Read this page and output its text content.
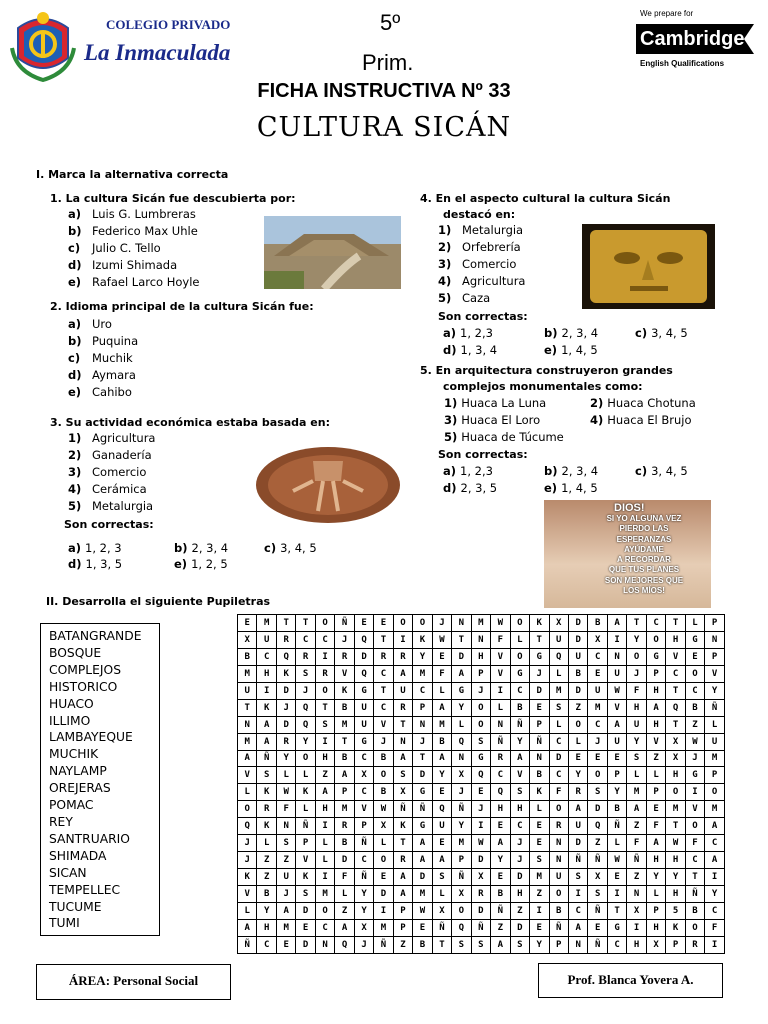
COLEGIO PRIVADO
La Inmaculada
5º
Prim.
We prepare for
Cambridge
English Qualifications
FICHA INSTRUCTIVA Nº 33
CULTURA SICÁN
I. Marca la alternativa correcta
1. La cultura Sicán fue descubierta por:
a) Luis G. Lumbreras
b) Federico Max Uhle
c) Julio C. Tello
d) Izumi Shimada
e) Rafael Larco Hoyle
2. Idioma principal de la cultura Sicán fue:
a) Uro
b) Puquina
c) Muchik
d) Aymara
e) Cahibo
3. Su actividad económica estaba basada en:
1) Agricultura
2) Ganadería
3) Comercio
4) Cerámica
5) Metalurgia
Son correctas:
4. En el aspecto cultural la cultura Sicán
destacó en:
1) Metalurgia
2) Orfebrería
3) Comercio
4) Agricultura
5) Caza
Son correctas:
5. En arquitectura construyeron grandes
complejos monumentales como:
1) Huaca La Luna	2) Huaca Chotuna
3) Huaca El Loro	4) Huaca El Brujo
5) Huaca de Túcume
Son correctas:
DIOS!
SI YO ALGUNA VEZ
PIERDO LAS
ESPERANZAS
AYÚDAME
A RECORDAR
QUE TUS PLANES
SON MEJORES QUE
LOS MÍOS!
II. Desarrolla el siguiente Pupiletras
BATANGRANDE
BOSQUE
COMPLEJOS
HISTORICO
HUACO
ILLIMO
LAMBAYEQUE
MUCHIK
NAYLAMP
OREJERAS
POMAC
REY
SANTRUARIO
SHIMADA
SICAN
TEMPELLEC
TUCUME
TUMI
E	M	T	T	O	Ñ	E	E	O	O	J	N	M	W	O	K	X	D	B	A	T	C	T	L	P
X	U	R	C	C	J	Q	T	I	K	W	T	N	F	L	T	U	D	X	I	Y	O	H	G	N
B	C	Q	R	I	R	D	R	R	Y	E	D	H	V	O	G	Q	U	C	N	O	G	V	E	P
M	H	K	S	R	V	Q	C	A	M	F	A	P	V	G	J	L	B	E	U	J	P	C	O	V
U	I	D	J	O	K	G	T	U	C	L	G	J	I	C	D	M	D	U	W	F	H	T	C	Y
T	K	J	Q	T	B	U	C	R	P	A	Y	O	L	B	E	S	Z	M	V	H	A	Q	B	Ñ
N	A	D	Q	S	M	U	V	T	N	M	L	O	N	Ñ	P	L	O	C	A	U	H	T	Z	L
M	A	R	Y	I	T	G	J	N	J	B	Q	S	Ñ	Y	Ñ	C	L	J	U	Y	V	X	W	U
A	Ñ	Y	O	H	B	C	B	A	T	A	N	G	R	A	N	D	E	E	E	S	Z	X	J	M
V	S	L	L	Z	A	X	O	S	D	Y	X	Q	C	V	B	C	Y	O	P	L	L	H	G	P
L	K	W	K	A	P	C	B	X	G	E	J	E	Q	S	K	F	R	S	Y	M	P	O	I	O
O	R	F	L	H	M	V	W	Ñ	Ñ	Q	Ñ	J	H	H	L	O	A	D	B	A	E	M	V	M
Q	K	N	Ñ	I	R	P	X	K	G	U	Y	I	E	C	E	R	U	Q	Ñ	Z	F	T	O	A
J	L	S	P	L	B	Ñ	L	T	A	E	M	W	A	J	E	N	D	Z	L	F	A	W	F	C
J	Z	Z	V	L	D	C	O	R	A	A	P	D	Y	J	S	N	Ñ	Ñ	W	Ñ	H	H	C	A
K	Z	U	K	I	F	Ñ	E	A	D	S	Ñ	X	E	D	M	U	S	X	E	Z	Y	Y	T	I
V	B	J	S	M	L	Y	D	A	M	L	X	R	B	H	Z	O	I	S	I	N	L	H	Ñ	Y
L	Y	A	D	O	Z	Y	I	P	W	X	O	D	Ñ	Z	I	B	C	Ñ	T	X	P	5	B	C
A	H	M	E	C	A	X	M	P	E	Ñ	Q	Ñ	Z	D	E	Ñ	A	E	G	I	H	K	O	F
Ñ	C	E	D	N	Q	J	Ñ	Z	B	T	S	S	A	S	Y	P	N	Ñ	C	H	X	P	R	I
ÁREA: Personal Social	Prof. Blanca Yovera A.
a) 1, 2, 3	b) 2, 3, 4	c) 3, 4, 5
d) 1, 3, 5	e) 1, 2, 5
a) 1, 2,3	b) 2, 3, 4	c) 3, 4, 5
d) 1, 3, 4	e) 1, 4, 5
a) 1, 2,3	b) 2, 3, 4	c) 3, 4, 5
d) 2, 3, 5	e) 1, 4, 5
